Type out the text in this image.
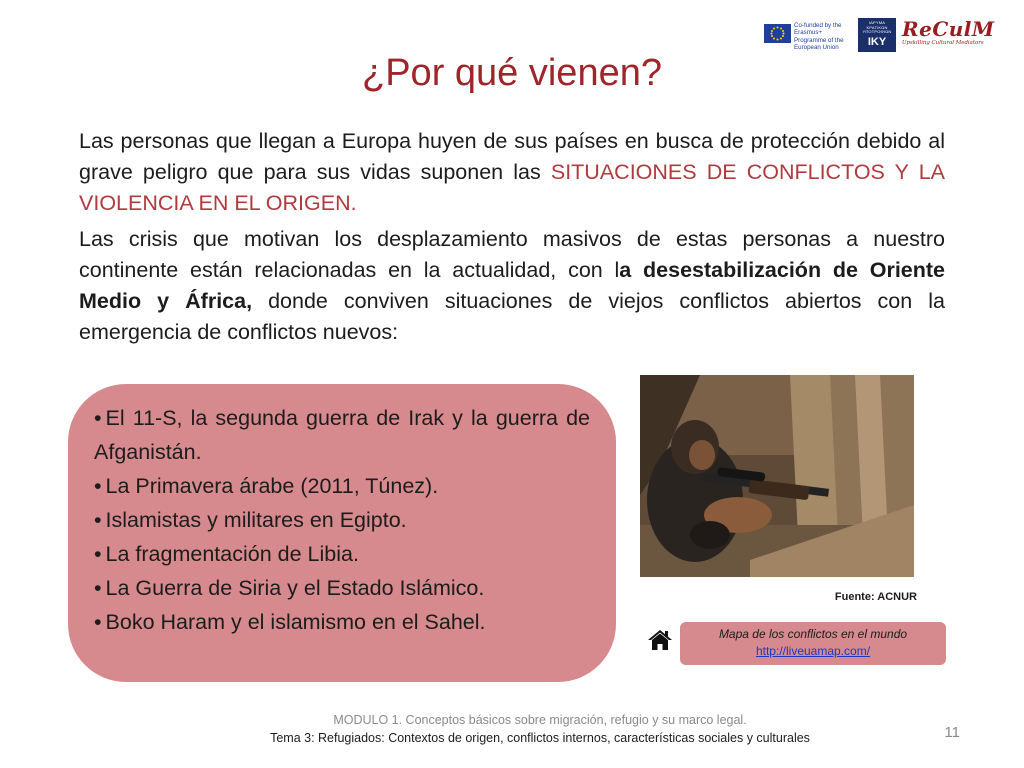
Co-funded by the Erasmus+ Programme of the European Union
ΙΔΡΥΜΑ ΚΡΑΤΙΚΩΝ ΥΠΟΤΡΟΦΙΩΝ
IKY
ReCulM
Upskilling Cultural Mediators
¿Por qué vienen?
Las personas que llegan a Europa huyen de sus países en busca de protección debido al grave peligro que para sus vidas suponen las SITUACIONES DE CONFLICTOS Y LA VIOLENCIA EN EL ORIGEN.
Las crisis que motivan los desplazamiento masivos de estas personas a nuestro continente están relacionadas en la actualidad, con la desestabilización de Oriente Medio y África, donde conviven situaciones de viejos conflictos abiertos con la emergencia de conflictos nuevos:
• El 11-S, la segunda guerra de Irak y la guerra de Afganistán.
• La Primavera árabe (2011, Túnez).
• Islamistas y militares en Egipto.
• La fragmentación de Libia.
• La Guerra de Siria y el Estado Islámico.
• Boko Haram y el islamismo en el Sahel.
Fuente: ACNUR
Mapa de los conflictos en el mundo
http://liveuamap.com/
MODULO 1. Conceptos básicos sobre migración, refugio y su marco legal.
Tema 3: Refugiados: Contextos de origen, conflictos internos, características sociales y culturales	11
